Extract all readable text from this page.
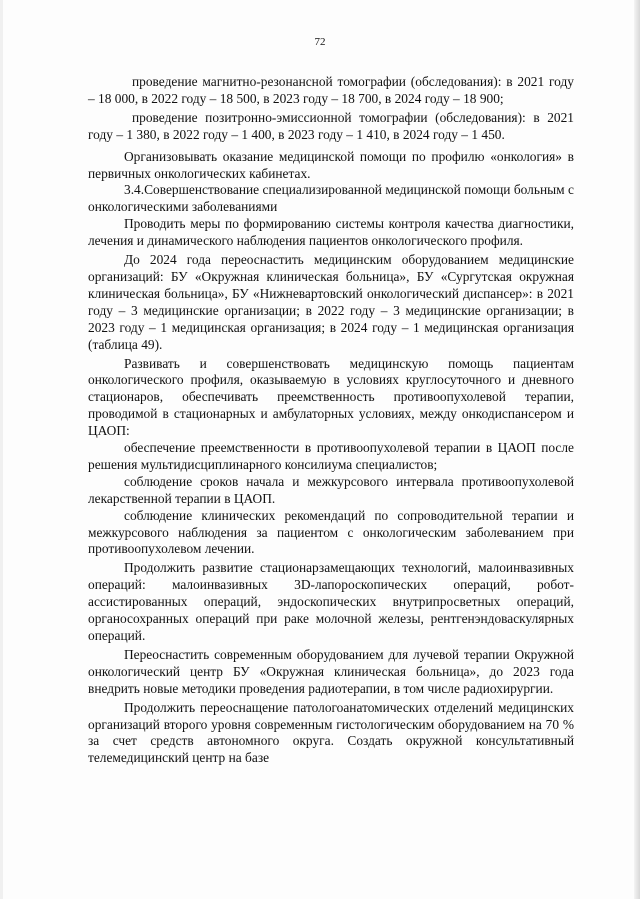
72

проведение магнитно-резонансной томографии (обследования): в 2021 году – 18 000, в 2022 году – 18 500, в 2023 году – 18 700, в 2024 году – 18 900;

проведение позитронно-эмиссионной томографии (обследования): в 2021 году – 1 380, в 2022 году – 1 400, в 2023 году – 1 410, в 2024 году – 1 450.

Организовывать оказание медицинской помощи по профилю «онкология» в первичных онкологических кабинетах.

3.4.Совершенствование специализированной медицинской помощи больным с онкологическими заболеваниями

Проводить меры по формированию системы контроля качества диагностики, лечения и динамического наблюдения пациентов онкологического профиля.

До 2024 года переоснастить медицинским оборудованием медицинские организаций: БУ «Окружная клиническая больница», БУ «Сургутская окружная клиническая больница», БУ «Нижневартовский онкологический диспансер»: в 2021 году – 3 медицинские организации; в 2022 году – 3 медицинские организации; в 2023 году – 1 медицинская организация; в 2024 году – 1 медицинская организация (таблица 49).

Развивать и совершенствовать медицинскую помощь пациентам онкологического профиля, оказываемую в условиях круглосуточного и дневного стационаров, обеспечивать преемственность противоопухолевой терапии, проводимой в стационарных и амбулаторных условиях, между онкодиспансером и ЦАОП:

обеспечение преемственности в противоопухолевой терапии в ЦАОП после решения мультидисциплинарного консилиума специалистов;

соблюдение сроков начала и межкурсового интервала противоопухолевой лекарственной терапии в ЦАОП.

соблюдение клинических рекомендаций по сопроводительной терапии и межкурсового наблюдения за пациентом с онкологическим заболеванием при противоопухолевом лечении.

Продолжить развитие стационарзамещающих технологий, малоинвазивных операций: малоинвазивных 3D-лапороскопических операций, робот-ассистированных операций, эндоскопических внутрипросветных операций, органосохранных операций при раке молочной железы, рентгенэндоваскулярных операций.

Переоснастить современным оборудованием для лучевой терапии Окружной онкологический центр БУ «Окружная клиническая больница», до 2023 года внедрить новые методики проведения радиотерапии, в том числе радиохирургии.

Продолжить переоснащение патологоанатомических отделений медицинских организаций второго уровня современным гистологическим оборудованием на 70 % за счет средств автономного округа. Создать окружной консультативный телемедицинский центр на базе
